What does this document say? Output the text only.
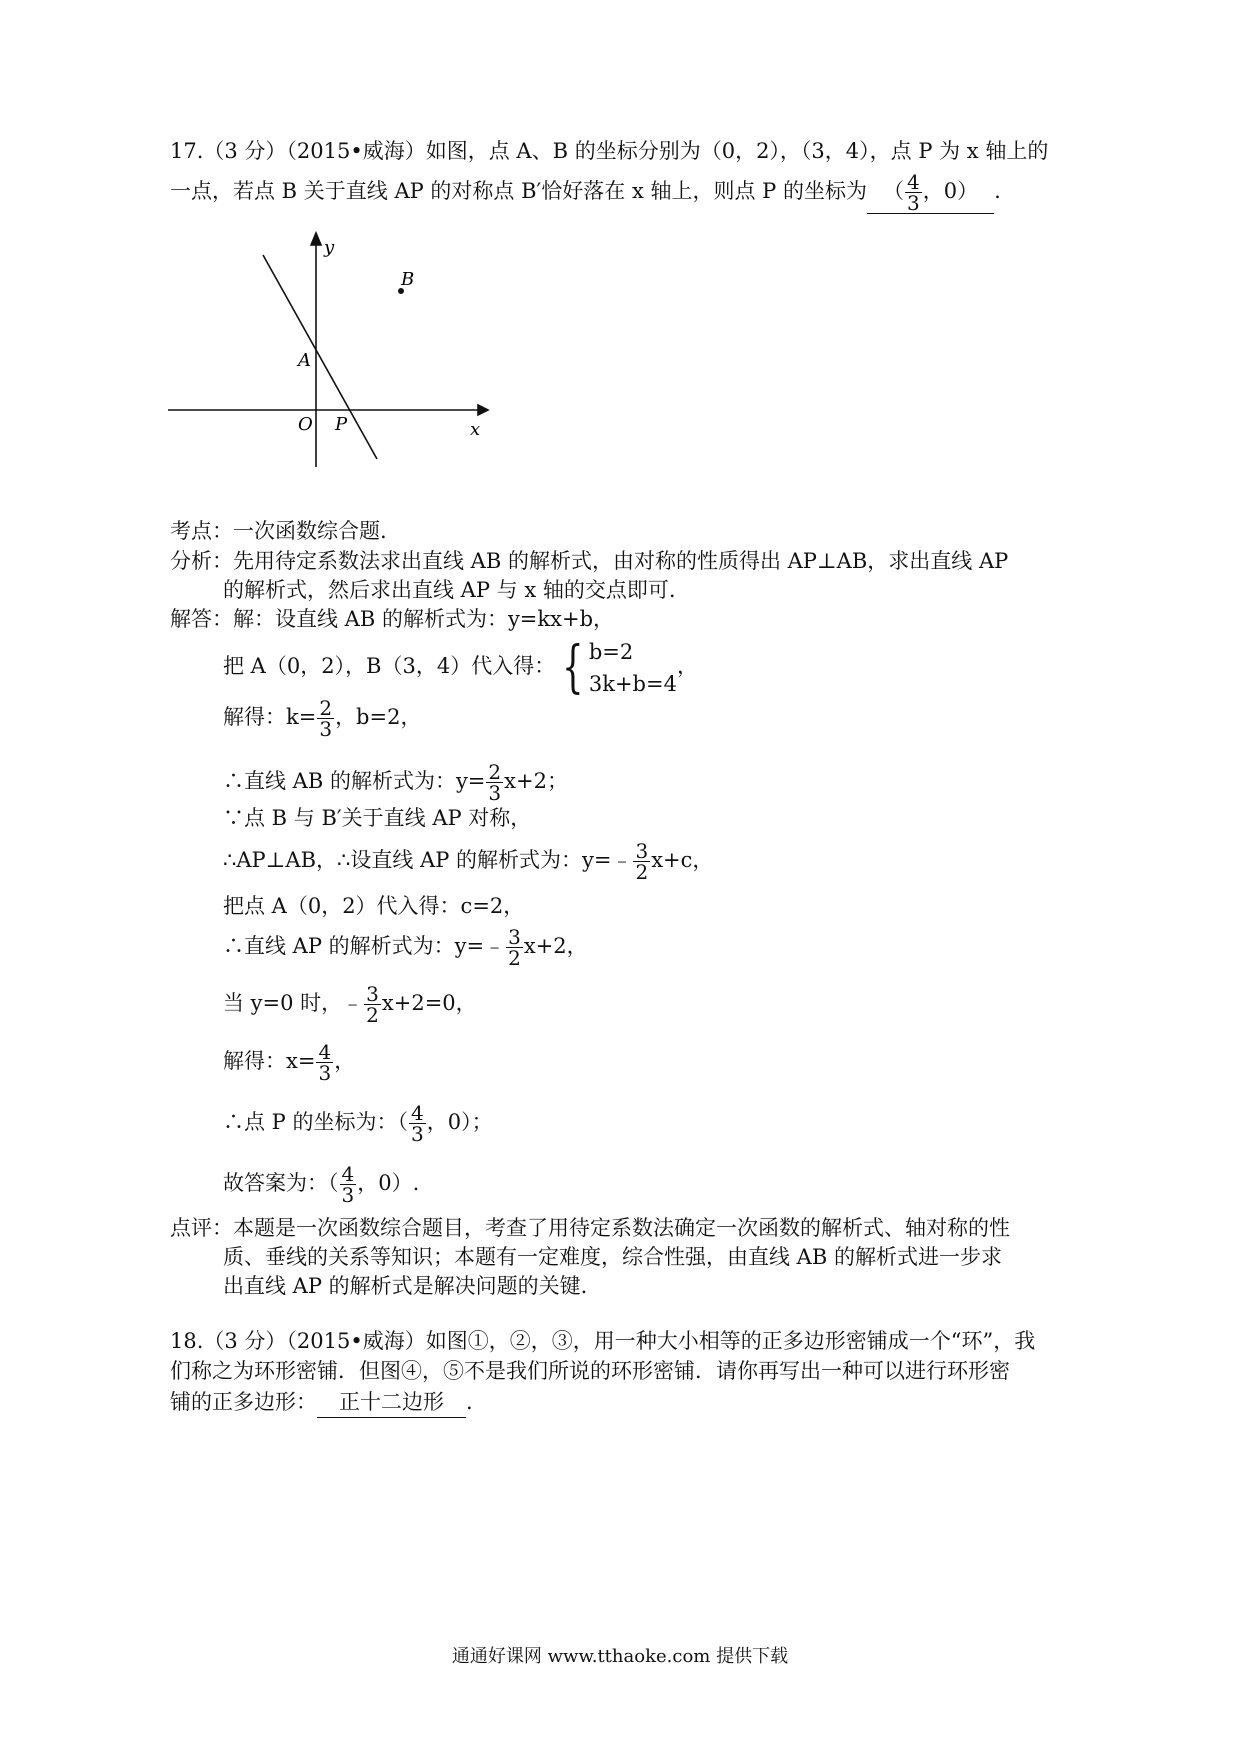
17.（3 分）（2015•威海）如图，点 A、B 的坐标分别为（0，2），（3，4），点 P 为 x 轴上的
一点，若点 B 关于直线 AP 的对称点 B′恰好落在 x 轴上，则点 P 的坐标为 （ $\frac{4}{3}$ ，0） .
y
x
B
A
O P
考点：一次函数综合题.
分析：先用待定系数法求出直线 AB 的解析式，由对称的性质得出 AP⊥AB，求出直线 AP
的解析式，然后求出直线 AP 与 x 轴的交点即可.
解答：解：设直线 AB 的解析式为：y=kx+b，
把 A（0，2），B（3，4）代入得： { b=2
3k+b=4
，
解得：$k= \frac{2}{3}$ ，b=2，
∴直线 AB 的解析式为：$y= \frac{2}{3} x+2$；
∵点 B 与 B′关于直线 AP 对称，
∴AP⊥AB，∴设直线 AP 的解析式为：y=﹣ $\frac{3}{2} x+c$，
把点 A（0，2）代入得：c=2，
∴直线 AP 的解析式为：y=﹣ $\frac{3}{2} x+2$，
当 y=0 时，﹣ $\frac{3}{2} x+2=0$，
解得：$x= \frac{4}{3}$ ，
∴点 P 的坐标为：（ $\frac{4}{3}$ ，0）；
故答案为：（ $\frac{4}{3}$ ，0）.
点评：本题是一次函数综合题目，考查了用待定系数法确定一次函数的解析式、轴对称的性
质、垂线的关系等知识；本题有一定难度，综合性强，由直线 AB 的解析式进一步求
出直线 AP 的解析式是解决问题的关键.
18.（3 分）（2015•威海）如图①，②，③，用一种大小相等的正多边形密铺成一个“环”，我
们称之为环形密铺．但图④，⑤不是我们所说的环形密铺．请你再写出一种可以进行环形密
铺的正多边形： 正十二边形 .
通通好课网 www.tthaoke.com 提供下载
